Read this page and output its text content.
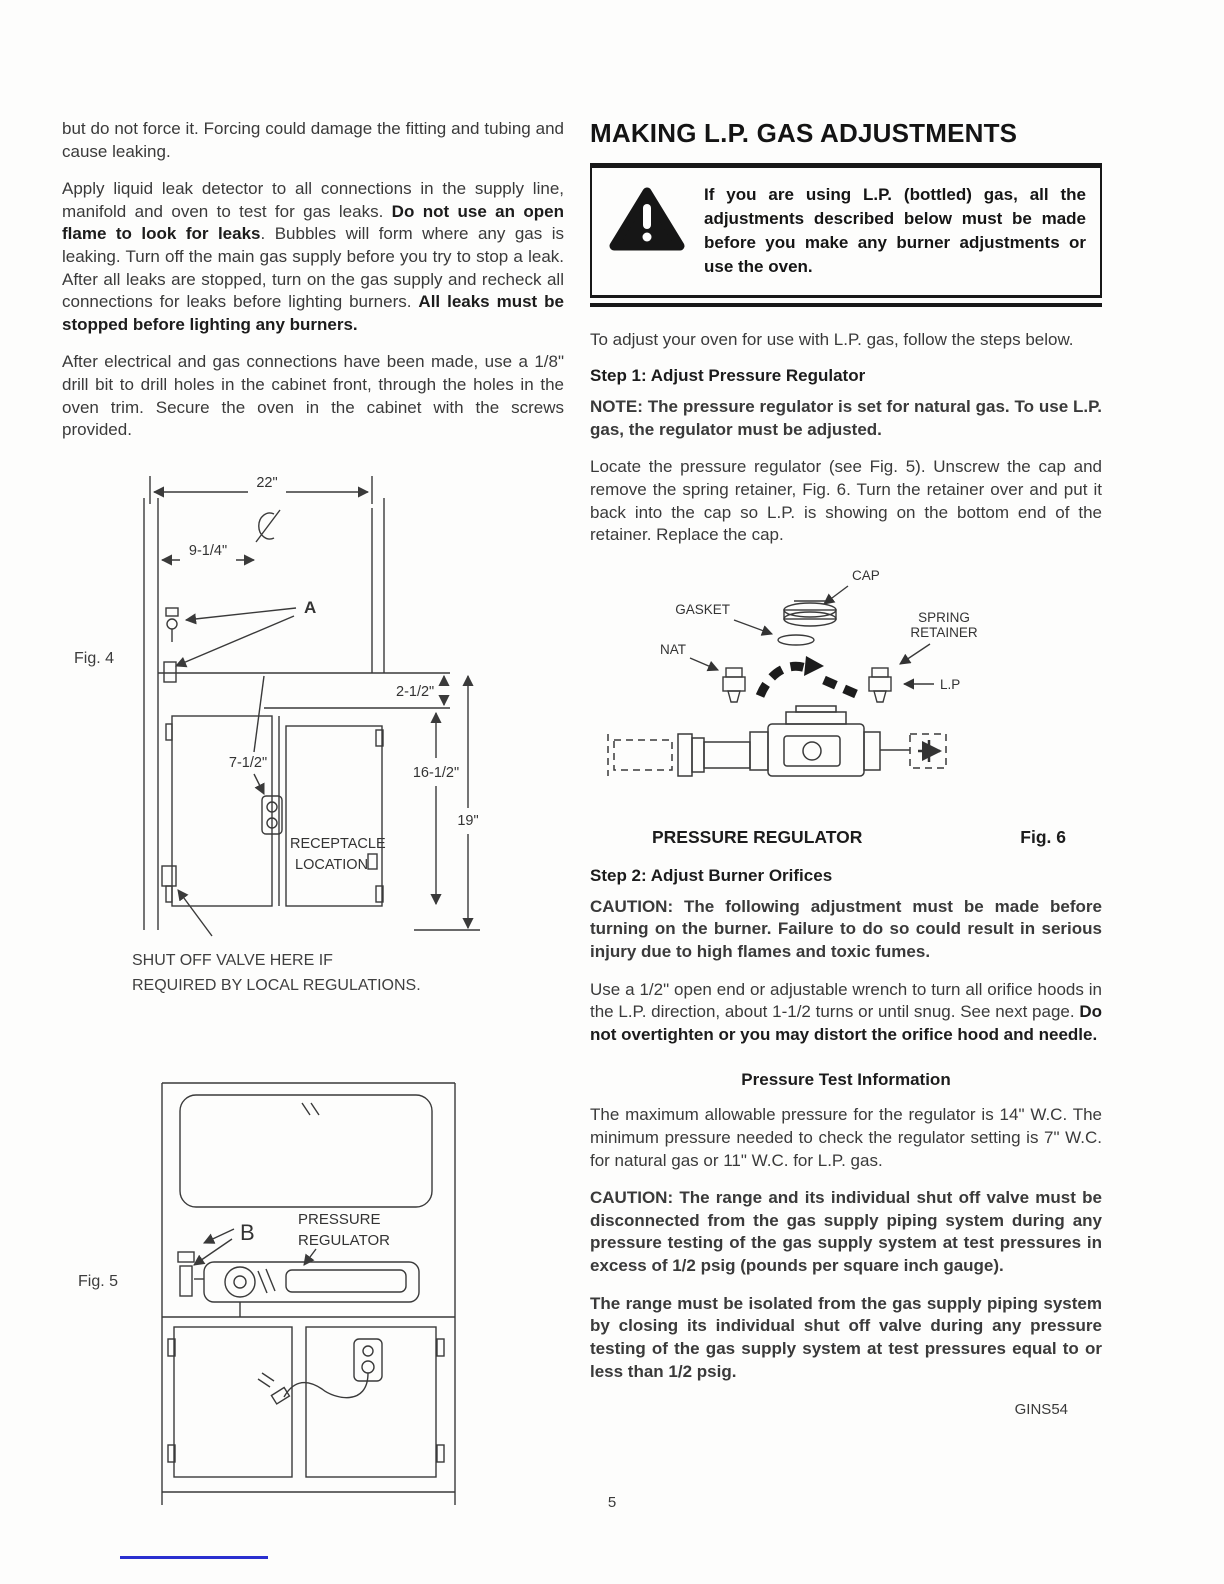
but do not force it. Forcing could damage the fitting and tubing and cause leaking.

Apply liquid leak detector to all connections in the supply line, manifold and oven to test for gas leaks. Do not use an open flame to look for leaks. Bubbles will form where any gas is leaking. Turn off the main gas supply before you try to stop a leak. After all leaks are stopped, turn on the gas supply and recheck all connections for leaks before lighting burners. All leaks must be stopped before lighting any burners.

After electrical and gas connections have been made, use a 1/8" drill bit to drill holes in the cabinet front, through the holes in the oven trim. Secure the oven in the cabinet with the screws provided.

Fig. 4
22"
9-1/4"
A
2-1/2"
7-1/2"
16-1/2"
19"
RECEPTACLE
LOCATION
SHUT OFF VALVE HERE IF
REQUIRED BY LOCAL REGULATIONS.
Fig. 5
B
PRESSURE
REGULATOR
MAKING L.P. GAS ADJUSTMENTS
If you are using L.P. (bottled) gas, all the adjustments described below must be made before you make any burner adjustments or use the oven.

To adjust your oven for use with L.P. gas, follow the steps below.

Step 1: Adjust Pressure Regulator

NOTE: The pressure regulator is set for natural gas. To use L.P. gas, the regulator must be adjusted.

Locate the pressure regulator (see Fig. 5). Unscrew the cap and remove the spring retainer, Fig. 6. Turn the retainer over and put it back into the cap so L.P. is showing on the bottom end of the retainer. Replace the cap.

CAP
GASKET
SPRING
RETAINER
NAT
L.P
PRESSURE REGULATOR	Fig. 6
Step 2: Adjust Burner Orifices

CAUTION: The following adjustment must be made before turning on the burner. Failure to do so could result in serious injury due to high flames and toxic fumes.

Use a 1/2" open end or adjustable wrench to turn all orifice hoods in the L.P. direction, about 1-1/2 turns or until snug. See next page. Do not overtighten or you may distort the orifice hood and needle.

Pressure Test Information

The maximum allowable pressure for the regulator is 14" W.C. The minimum pressure needed to check the regulator setting is 7" W.C. for natural gas or 11" W.C. for L.P. gas.

CAUTION: The range and its individual shut off valve must be disconnected from the gas supply piping system during any pressure testing of the gas supply system at test pressures in excess of 1/2 psig (pounds per square inch gauge).

The range must be isolated from the gas supply piping system by closing its individual shut off valve during any pressure testing of the gas supply system at test pressures equal to or less than 1/2 psig.

GINS54
5
